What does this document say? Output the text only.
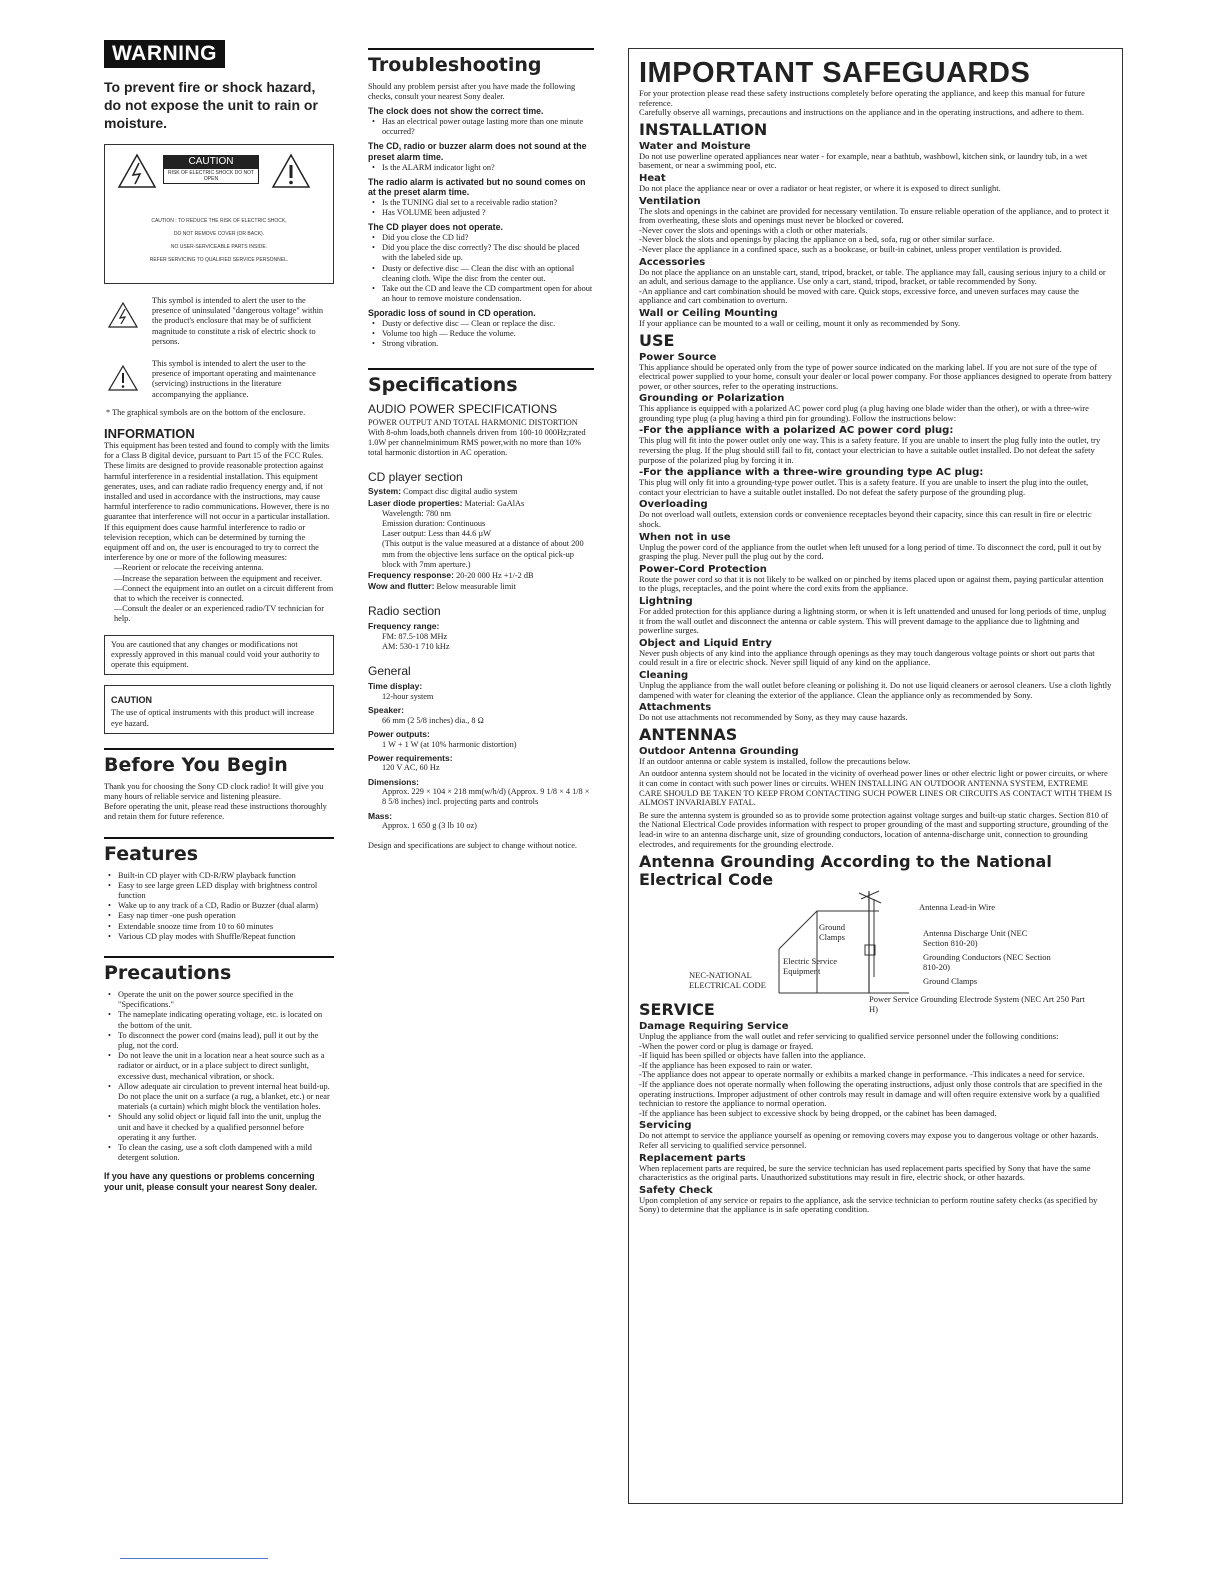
WARNING
To prevent fire or shock hazard, do not expose the unit to rain or moisture.
CAUTION
RISK OF ELECTRIC SHOCK DO NOT OPEN
CAUTION : TO REDUCE THE RISK OF ELECTRIC SHOCK,
DO NOT REMOVE COVER (OR BACK).
NO USER-SERVICEABLE PARTS INSIDE.
REFER SERVICING TO QUALIFIED SERVICE PERSONNEL.
This symbol is intended to alert the user to the presence of uninsulated "dangerous voltage" within the product's enclosure that may be of sufficient magnitude to constitute a risk of electric shock to persons.
This symbol is intended to alert the user to the presence of important operating and maintenance (servicing) instructions in the literature accompanying the appliance.
* The graphical symbols are on the bottom of the enclosure.
INFORMATION
This equipment has been tested and found to comply with the limits for a Class B digital device, pursuant to Part 15 of the FCC Rules. These limits are designed to provide reasonable protection against harmful interference in a residential installation. This equipment generates, uses, and can radiate radio frequency energy and, if not installed and used in accordance with the instructions, may cause harmful interference to radio communications. However, there is no guarantee that interference will not occur in a particular installation. If this equipment does cause harmful interference to radio or television reception, which can be determined by turning the equipment off and on, the user is encouraged to try to correct the interference by one or more of the following measures:
—Reorient or relocate the receiving antenna.
—Increase the separation between the equipment and receiver.
—Connect the equipment into an outlet on a circuit different from that to which the receiver is connected.
—Consult the dealer or an experienced radio/TV technician for help.
You are cautioned that any changes or modifications not expressly approved in this manual could void your authority to operate this equipment.
CAUTION
The use of optical instruments with this product will increase eye hazard.
Before You Begin
Thank you for choosing the Sony CD clock radio! It will give you many hours of reliable service and listening pleasure.
Before operating the unit, please read these instructions thoroughly and retain them for future reference.
Features
• Built-in CD player with CD-R/RW playback function
• Easy to see large green LED display with brightness control function
• Wake up to any track of a CD, Radio or Buzzer (dual alarm)
• Easy nap timer -one push operation
• Extendable snooze time from 10 to 60 minutes
• Various CD play modes with Shuffle/Repeat function
Precautions
• Operate the unit on the power source specified in the "Specifications."
• The nameplate indicating operating voltage, etc. is located on the bottom of the unit.
• To disconnect the power cord (mains lead), pull it out by the plug, not the cord.
• Do not leave the unit in a location near a heat source such as a radiator or airduct, or in a place subject to direct sunlight, excessive dust, mechanical vibration, or shock.
• Allow adequate air circulation to prevent internal heat build-up. Do not place the unit on a surface (a rug, a blanket, etc.) or near materials (a curtain) which might block the ventilation holes.
• Should any solid object or liquid fall into the unit, unplug the unit and have it checked by a qualified personnel before operating it any further.
• To clean the casing, use a soft cloth dampened with a mild detergent solution.
If you have any questions or problems concerning your unit, please consult your nearest Sony dealer.
Troubleshooting
Should any problem persist after you have made the following checks, consult your nearest Sony dealer.
The clock does not show the correct time.
• Has an electrical power outage lasting more than one minute occurred?
The CD, radio or buzzer alarm does not sound at the preset alarm time.
• Is the ALARM indicator light on?
The radio alarm is activated but no sound comes on at the preset alarm time.
• Is the TUNING dial set to a receivable radio station?
• Has VOLUME been adjusted ?
The CD player does not operate.
• Did you close the CD lid?
• Did you place the disc correctly? The disc should be placed with the labeled side up.
• Dusty or defective disc — Clean the disc with an optional cleaning cloth. Wipe the disc from the center out.
• Take out the CD and leave the CD compartment open for about an hour to remove moisture condensation.
Sporadic loss of sound in CD operation.
• Dusty or defective disc — Clean or replace the disc.
• Volume too high — Reduce the volume.
• Strong vibration.
Specifications
AUDIO POWER SPECIFICATIONS
POWER OUTPUT AND TOTAL HARMONIC DISTORTION With 8-ohm loads,both channels driven from 100-10 000Hz;rated 1.0W per channelminimum RMS power,with no more than 10% total harmonic distortion in AC operation.
CD player section
System: Compact disc digital audio system
Laser diode properties: Material: GaAlAs
Wavelength: 780 nm
Emission duration: Continuous
Laser output: Less than 44.6 µW
(This output is the value measured at a distance of about 200 mm from the objective lens surface on the optical pick-up block with 7mm aperture.)
Frequency response: 20-20 000 Hz +1/-2 dB
Wow and flutter: Below measurable limit
Radio section
Frequency range:
FM: 87.5-108 MHz
AM: 530-1 710 kHz
General
Time display:
12-hour system
Speaker:
66 mm (2 5/8 inches) dia., 8 Ω
Power outputs:
1 W + 1 W (at 10% harmonic distortion)
Power requirements:
120 V AC, 60 Hz
Dimensions:
Approx. 229 × 104 × 218 mm(w/h/d) (Approx. 9 1/8 × 4 1/8 × 8 5/8 inches) incl. projecting parts and controls
Mass:
Approx. 1 650 g (3 lb 10 oz)
Design and specifications are subject to change without notice.
IMPORTANT SAFEGUARDS
For your protection please read these safety instructions completely before operating the appliance, and keep this manual for future reference.
Carefully observe all warnings, precautions and instructions on the appliance and in the operating instructions, and adhere to them.
INSTALLATION
Water and Moisture
Do not use powerline operated appliances near water - for example, near a bathtub, washbowl, kitchen sink, or laundry tub, in a wet basement, or near a swimming pool, etc.
Heat
Do not place the appliance near or over a radiator or heat register, or where it is exposed to direct sunlight.
Ventilation
The slots and openings in the cabinet are provided for necessary ventilation. To ensure reliable operation of the appliance, and to protect it from overheating, these slots and openings must never be blocked or covered.
-Never cover the slots and openings with a cloth or other materials.
-Never block the slots and openings by placing the appliance on a bed, sofa, rug or other similar surface.
-Never place the appliance in a confined space, such as a bookcase, or built-in cabinet, unless proper ventilation is provided.
Accessories
Do not place the appliance on an unstable cart, stand, tripod, bracket, or table. The appliance may fall, causing serious injury to a child or an adult, and serious damage to the appliance. Use only a cart, stand, tripod, bracket, or table recommended by Sony.
-An appliance and cart combination should be moved with care. Quick stops, excessive force, and uneven surfaces may cause the appliance and cart combination to overturn.
Wall or Ceiling Mounting
If your appliance can be mounted to a wall or ceiling, mount it only as recommended by Sony.
USE
Power Source
This appliance should be operated only from the type of power source indicated on the marking label. If you are not sure of the type of electrical power supplied to your home, consult your dealer or local power company. For those appliances designed to operate from battery power, or other sources, refer to the operating instructions.
Grounding or Polarization
This appliance is equipped with a polarized AC power cord plug (a plug having one blade wider than the other), or with a three-wire grounding type plug (a plug having a third pin for grounding). Follow the instructions below:
-For the appliance with a polarized AC power cord plug:
This plug will fit into the power outlet only one way. This is a safety feature. If you are unable to insert the plug fully into the outlet, try reversing the plug. If the plug should still fail to fit, contact your electrician to have a suitable outlet installed. Do not defeat the safety purpose of the polarized plug by forcing it in.
-For the appliance with a three-wire grounding type AC plug:
This plug will only fit into a grounding-type power outlet. This is a safety feature. If you are unable to insert the plug into the outlet, contact your electrician to have a suitable outlet installed. Do not defeat the safety purpose of the grounding plug.
Overloading
Do not overload wall outlets, extension cords or convenience receptacles beyond their capacity, since this can result in fire or electric shock.
When not in use
Unplug the power cord of the appliance from the outlet when left unused for a long period of time. To disconnect the cord, pull it out by grasping the plug. Never pull the plug out by the cord.
Power-Cord Protection
Route the power cord so that it is not likely to be walked on or pinched by items placed upon or against them, paying particular attention to the plugs, receptacles, and the point where the cord exits from the appliance.
Lightning
For added protection for this appliance during a lightning storm, or when it is left unattended and unused for long periods of time, unplug it from the wall outlet and disconnect the antenna or cable system. This will prevent damage to the appliance due to lightning and powerline surges.
Object and Liquid Entry
Never push objects of any kind into the appliance through openings as they may touch dangerous voltage points or short out parts that could result in a fire or electric shock. Never spill liquid of any kind on the appliance.
Cleaning
Unplug the appliance from the wall outlet before cleaning or polishing it. Do not use liquid cleaners or aerosol cleaners. Use a cloth lightly dampened with water for cleaning the exterior of the appliance. Clean the appliance only as recommended by Sony.
Attachments
Do not use attachments not recommended by Sony, as they may cause hazards.
ANTENNAS
Outdoor Antenna Grounding
If an outdoor antenna or cable system is installed, follow the precautions below.
An outdoor antenna system should not be located in the vicinity of overhead power lines or other electric light or power circuits, or where it can come in contact with such power lines or circuits. WHEN INSTALLING AN OUTDOOR ANTENNA SYSTEM, EXTREME CARE SHOULD BE TAKEN TO KEEP FROM CONTACTING SUCH POWER LINES OR CIRCUITS AS CONTACT WITH THEM IS ALMOST INVARIABLY FATAL.
Be sure the antenna system is grounded so as to provide some protection against voltage surges and built-up static charges. Section 810 of the National Electrical Code provides information with respect to proper grounding of the mast and supporting structure, grounding of the lead-in wire to an antenna discharge unit, size of grounding conductors, location of antenna-discharge unit, connection to grounding electrodes, and requirements for the grounding electrode.
Antenna Grounding According to the National Electrical Code
Antenna Lead-in Wire
Ground Clamps	Antenna Discharge Unit (NEC Section 810-20)
Grounding Conductors (NEC Section 810-20)
Electric Service Equipment
Ground Clamps
NEC-NATIONAL ELECTRICAL CODE
SERVICE
Power Service Grounding Electrode System (NEC Art 250 Part H)
Damage Requiring Service
Unplug the appliance from the wall outlet and refer servicing to qualified service personnel under the following conditions:
-When the power cord or plug is damage or frayed.
-If liquid has been spilled or objects have fallen into the appliance.
-If the appliance has been exposed to rain or water.
-The appliance does not appear to operate normally or exhibits a marked change in performance. -This indicates a need for service.
-If the appliance does not operate normally when following the operating instructions, adjust only those controls that are specified in the operating instructions. Improper adjustment of other controls may result in damage and will often require extensive work by a qualified technician to restore the appliance to normal operation.
-If the appliance has been subject to excessive shock by being dropped, or the cabinet has been damaged.
Servicing
Do not attempt to service the appliance yourself as opening or removing covers may expose you to dangerous voltage or other hazards. Refer all servicing to qualified service personnel.
Replacement parts
When replacement parts are required, be sure the service technician has used replacement parts specified by Sony that have the same characteristics as the original parts. Unauthorized substitutions may result in fire, electric shock, or other hazards.
Safety Check
Upon completion of any service or repairs to the appliance, ask the service technician to perform routine safety checks (as specified by Sony) to determine that the appliance is in safe operating condition.
